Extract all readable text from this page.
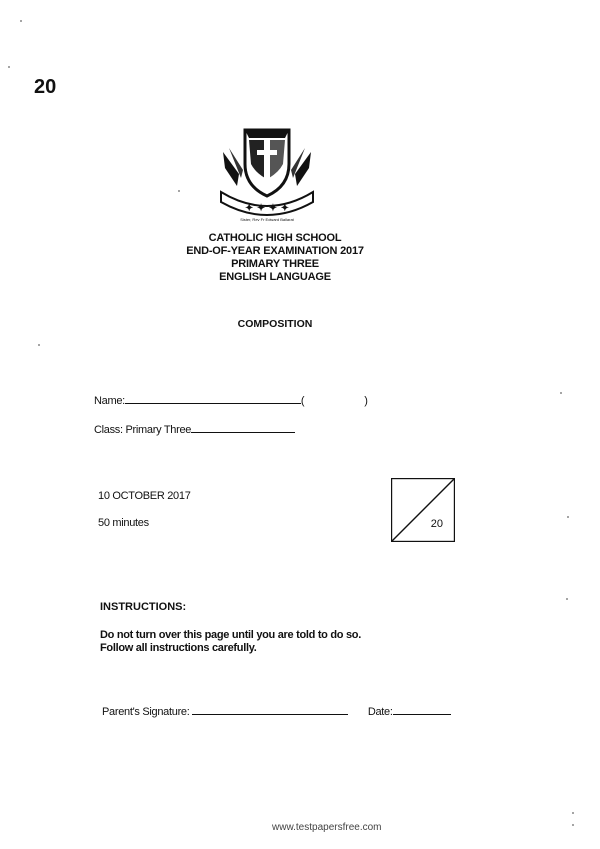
20
✦ ✦ ✦ ✦
Sister, Rev Fr Edward Ballarat
CATHOLIC HIGH SCHOOL
END-OF-YEAR EXAMINATION 2017
PRIMARY THREE
ENGLISH LANGUAGE
COMPOSITION
Name:	(	)
Class: Primary Three
10 OCTOBER 2017
50 minutes	20
INSTRUCTIONS:
Do not turn over this page until you are told to do so.
Follow all instructions carefully.
Parent's Signature:	Date:
www.testpapersfree.com
